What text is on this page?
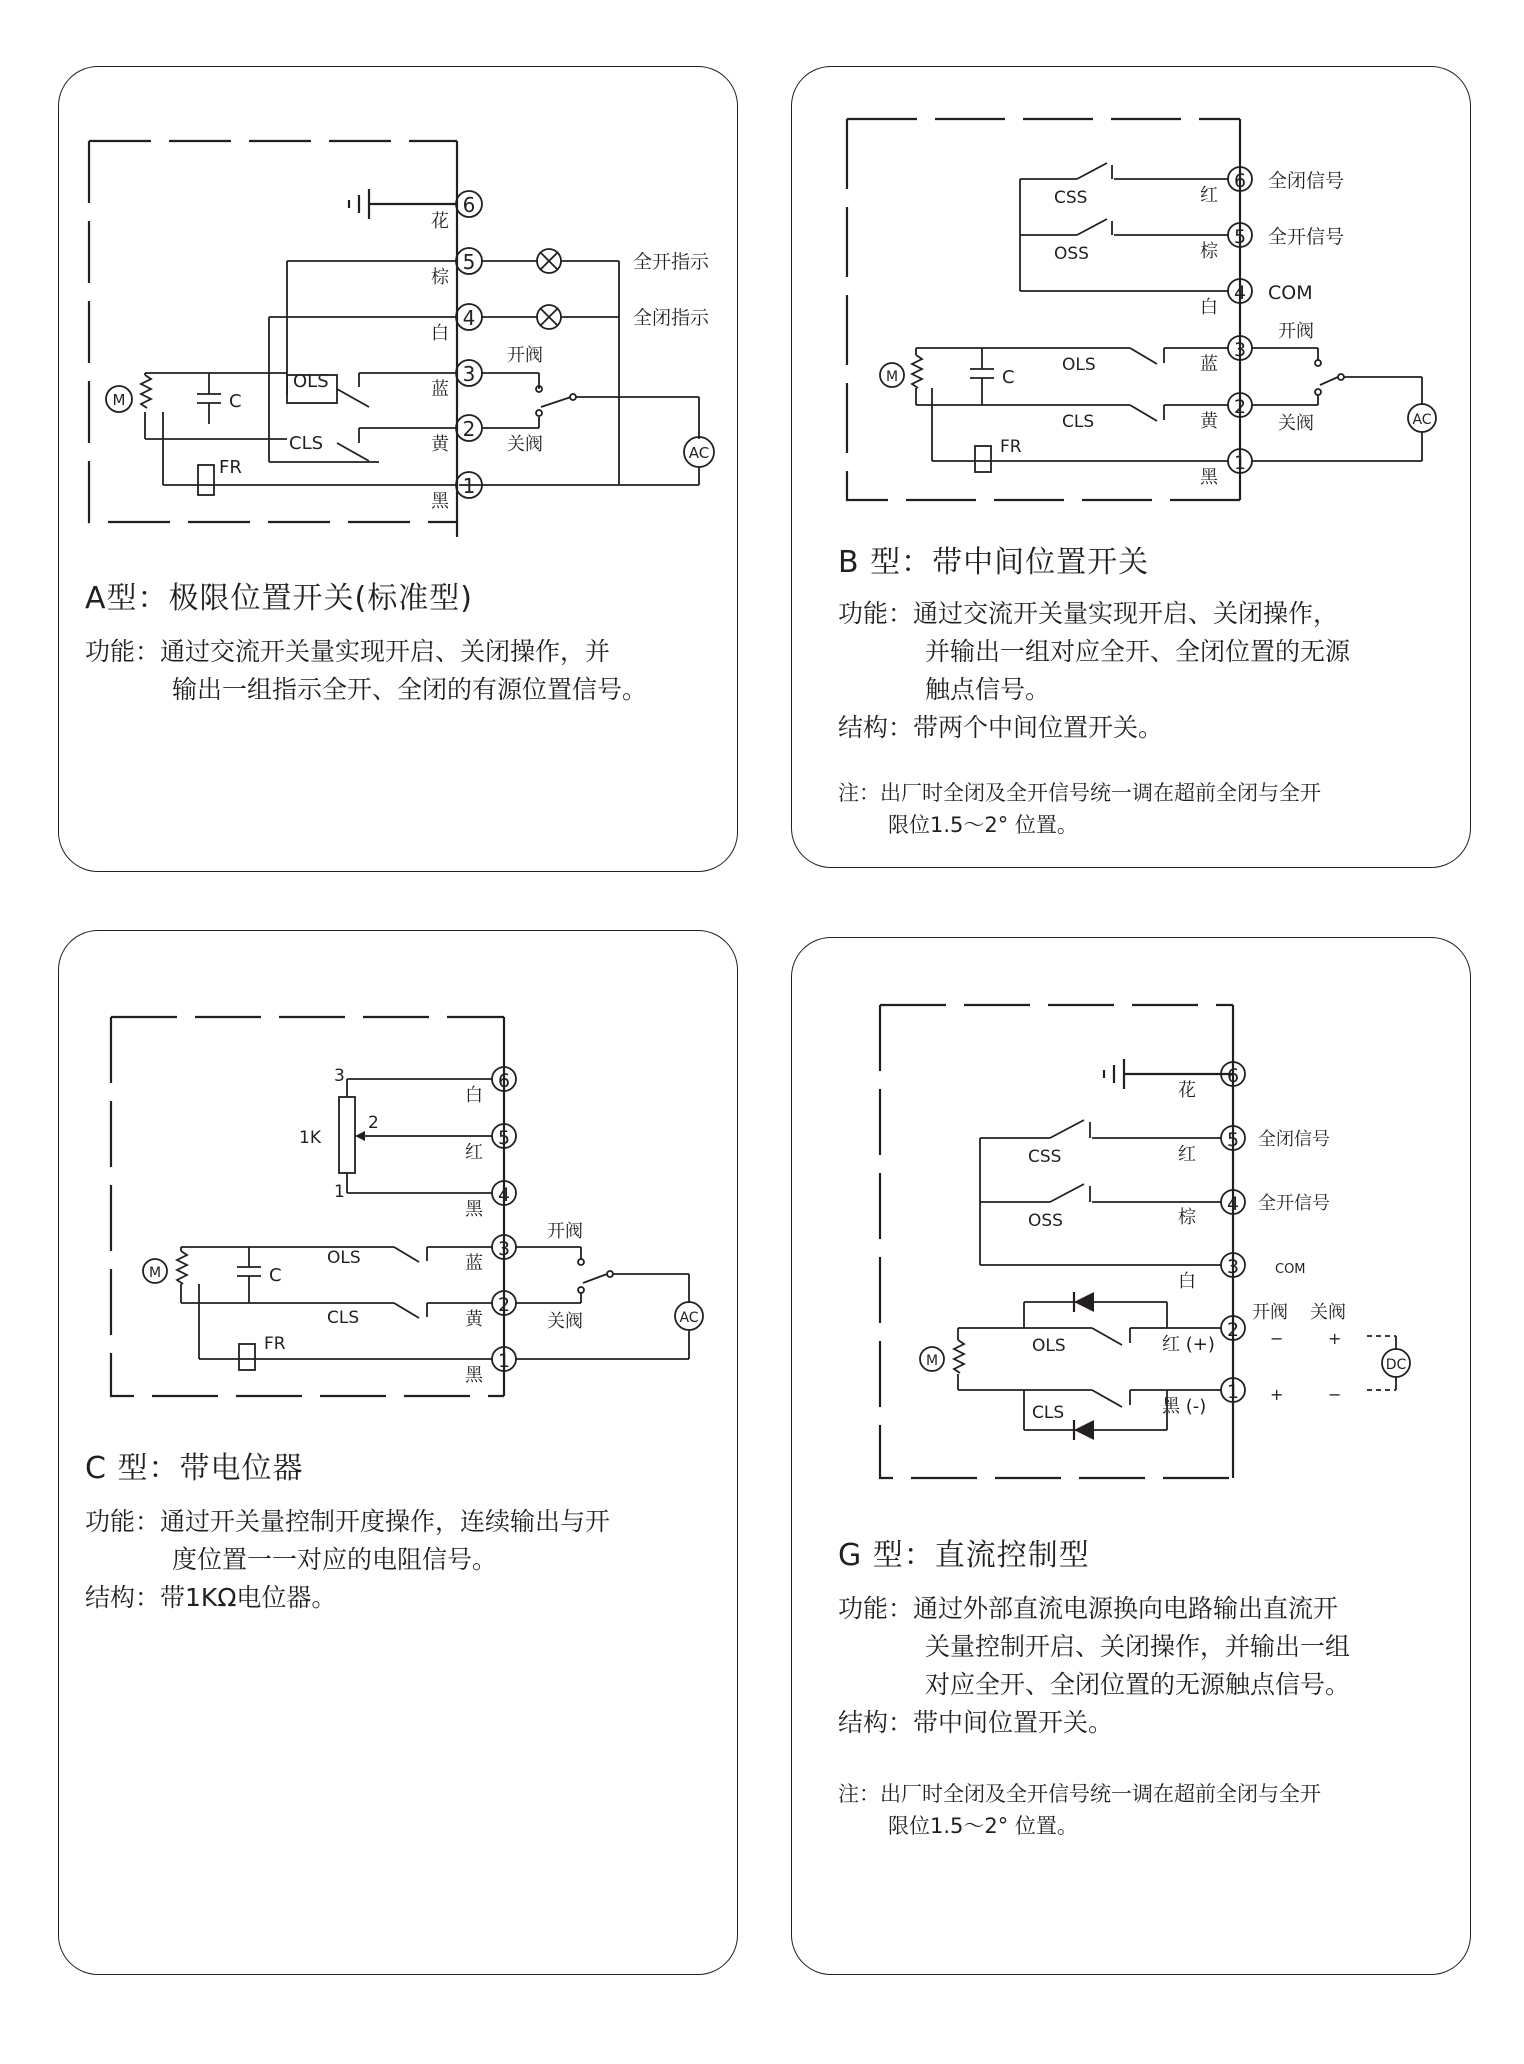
6
5
4
3
2
1
花
棕
白
蓝
黄
黑
全开指示
全闭指示
OLS
CLS
M	C
FR
开阀
关阀	AC
A型：极限位置开关(标准型)
功能：通过交流开关量实现开启、关闭操作，并
输出一组指示全开、全闭的有源位置信号。
6
5
4
3
2
1
红
棕
白
蓝
黄
黑
全闭信号
全开信号
COM
CSS
OSS
M	C
OLS
CLS
FR
开阀
关阀	AC
B 型：带中间位置开关
功能：通过交流开关量实现开启、关闭操作，
并输出一组对应全开、全闭位置的无源
触点信号。
结构：带两个中间位置开关。
注：出厂时全闭及全开信号统一调在超前全闭与全开
限位1.5～2° 位置。
6
5
4
3
2
1
白
红
黑
蓝
黄
黑
3
2
1
1K
M	C
OLS
CLS
FR
开阀
关阀	AC
C 型：带电位器
功能：通过开关量控制开度操作，连续输出与开
度位置一一对应的电阻信号。
结构：带1KΩ电位器。
6
5
4
3
2
1
花
红
棕
白
红 (+)
黑 (-)
全闭信号
全开信号
COM
CSS
OSS
M
OLS
CLS
开阀 关阀
−	+
+	−
DC
G 型：直流控制型
功能：通过外部直流电源换向电路输出直流开
关量控制开启、关闭操作，并输出一组
对应全开、全闭位置的无源触点信号。
结构：带中间位置开关。
注：出厂时全闭及全开信号统一调在超前全闭与全开
限位1.5～2° 位置。
